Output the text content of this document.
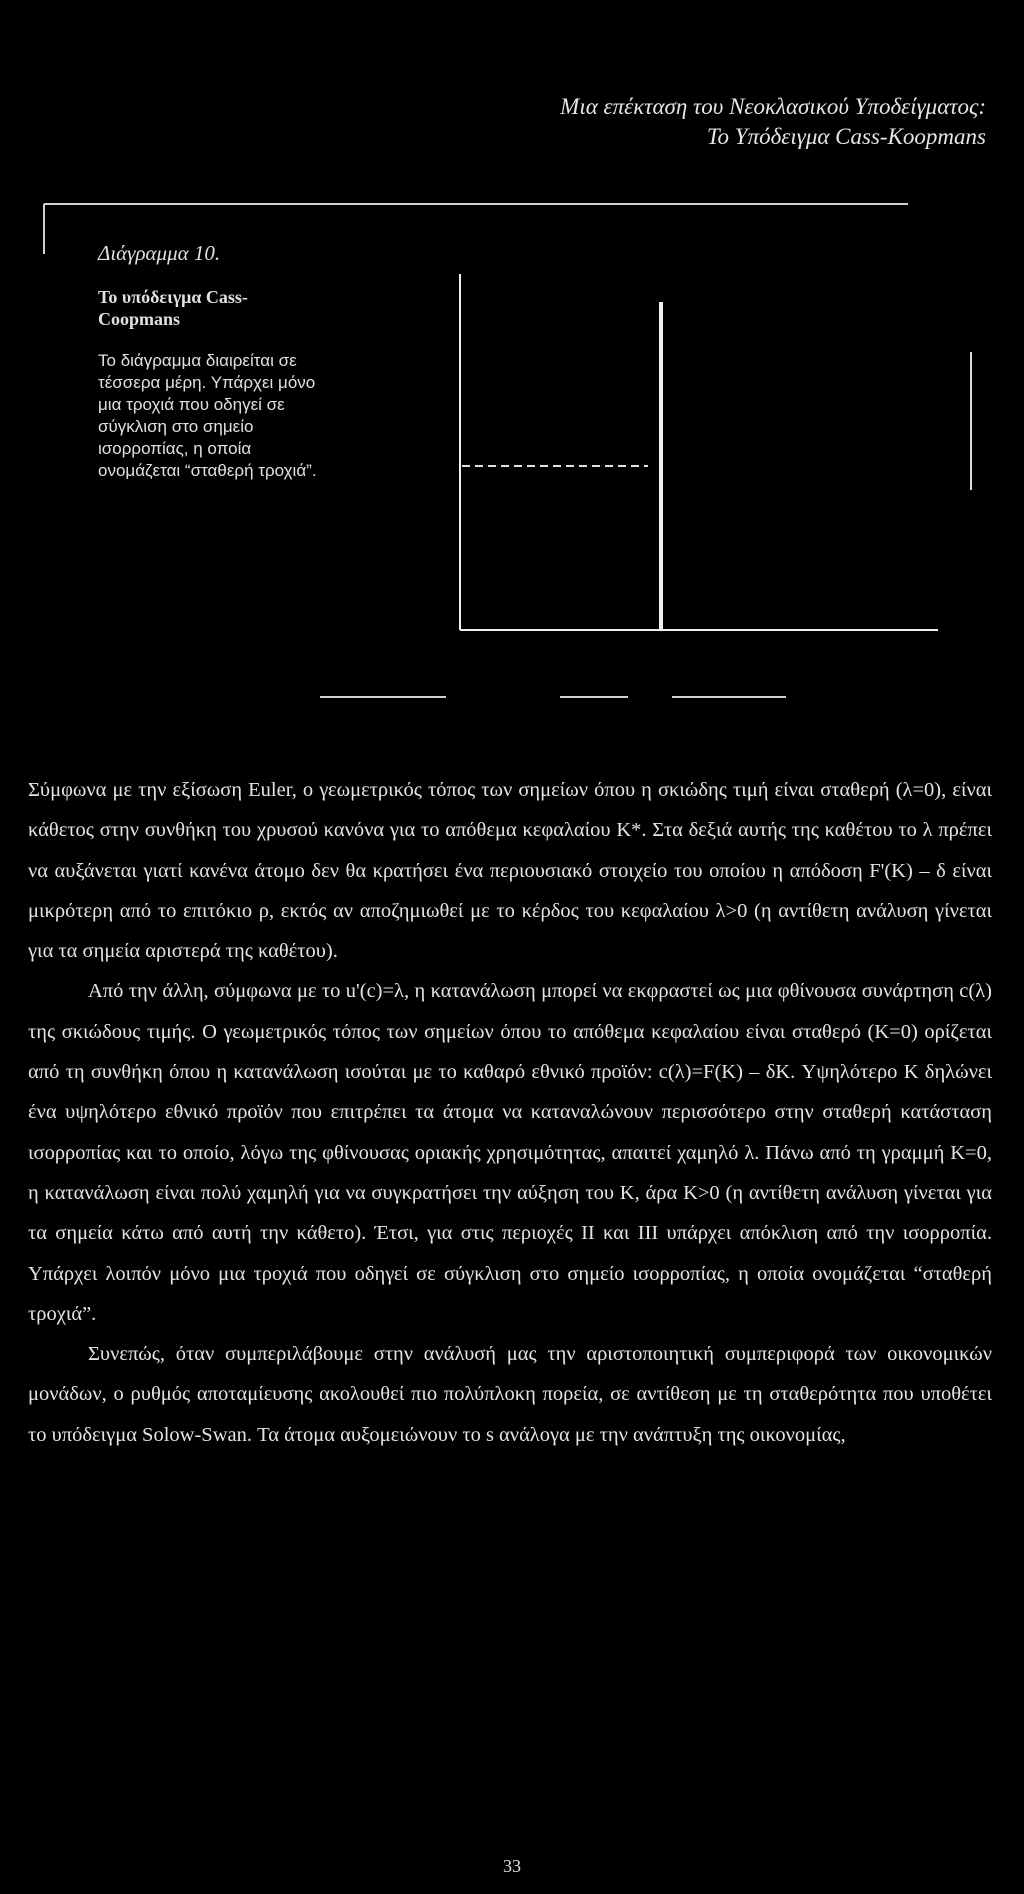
Μια επέκταση του Νεοκλασικού Υποδείγματος:
Το Υπόδειγμα Cass-Koopmans
Διάγραμμα 10.
Το υπόδειγμα Cass-Coopmans
Το διάγραμμα διαιρείται σε τέσσερα μέρη. Υπάρχει μόνο μια τροχιά που οδηγεί σε σύγκλιση στο σημείο ισορροπίας, η οποία ονομάζεται “σταθερή τροχιά”.

Σύμφωνα με την εξίσωση Euler, ο γεωμετρικός τόπος των σημείων όπου η σκιώδης τιμή είναι σταθερή (λ=0), είναι κάθετος στην συνθήκη του χρυσού κανόνα για το απόθεμα κεφαλαίου K*. Στα δεξιά αυτής της καθέτου το λ πρέπει να αυξάνεται γιατί κανένα άτομο δεν θα κρατήσει ένα περιουσιακό στοιχείο του οποίου η απόδοση F'(K) – δ είναι μικρότερη από το επιτόκιο ρ, εκτός αν αποζημιωθεί με το κέρδος του κεφαλαίου λ>0 (η αντίθετη ανάλυση γίνεται για τα σημεία αριστερά της καθέτου).

Από την άλλη, σύμφωνα με το u'(c)=λ, η κατανάλωση μπορεί να εκφραστεί ως μια φθίνουσα συνάρτηση c(λ) της σκιώδους τιμής. Ο γεωμετρικός τόπος των σημείων όπου το απόθεμα κεφαλαίου είναι σταθερό (K=0) ορίζεται από τη συνθήκη όπου η κατανάλωση ισούται με το καθαρό εθνικό προϊόν: c(λ)=F(K) – δK. Υψηλότερο K δηλώνει ένα υψηλότερο εθνικό προϊόν που επιτρέπει τα άτομα να καταναλώνουν περισσότερο στην σταθερή κατάσταση ισορροπίας και το οποίο, λόγω της φθίνουσας οριακής χρησιμότητας, απαιτεί χαμηλό λ. Πάνω από τη γραμμή K=0, η κατανάλωση είναι πολύ χαμηλή για να συγκρατήσει την αύξηση του K, άρα K>0 (η αντίθετη ανάλυση γίνεται για τα σημεία κάτω από αυτή την κάθετο). Έτσι, για στις περιοχές ΙΙ και ΙΙΙ υπάρχει απόκλιση από την ισορροπία. Υπάρχει λοιπόν μόνο μια τροχιά που οδηγεί σε σύγκλιση στο σημείο ισορροπίας, η οποία ονομάζεται “σταθερή τροχιά”.

Συνεπώς, όταν συμπεριλάβουμε στην ανάλυσή μας την αριστοποιητική συμπεριφορά των οικονομικών μονάδων, ο ρυθμός αποταμίευσης ακολουθεί πιο πολύπλοκη πορεία, σε αντίθεση με τη σταθερότητα που υποθέτει το υπόδειγμα Solow-Swan. Τα άτομα αυξομειώνουν το s ανάλογα με την ανάπτυξη της οικονομίας,

33
